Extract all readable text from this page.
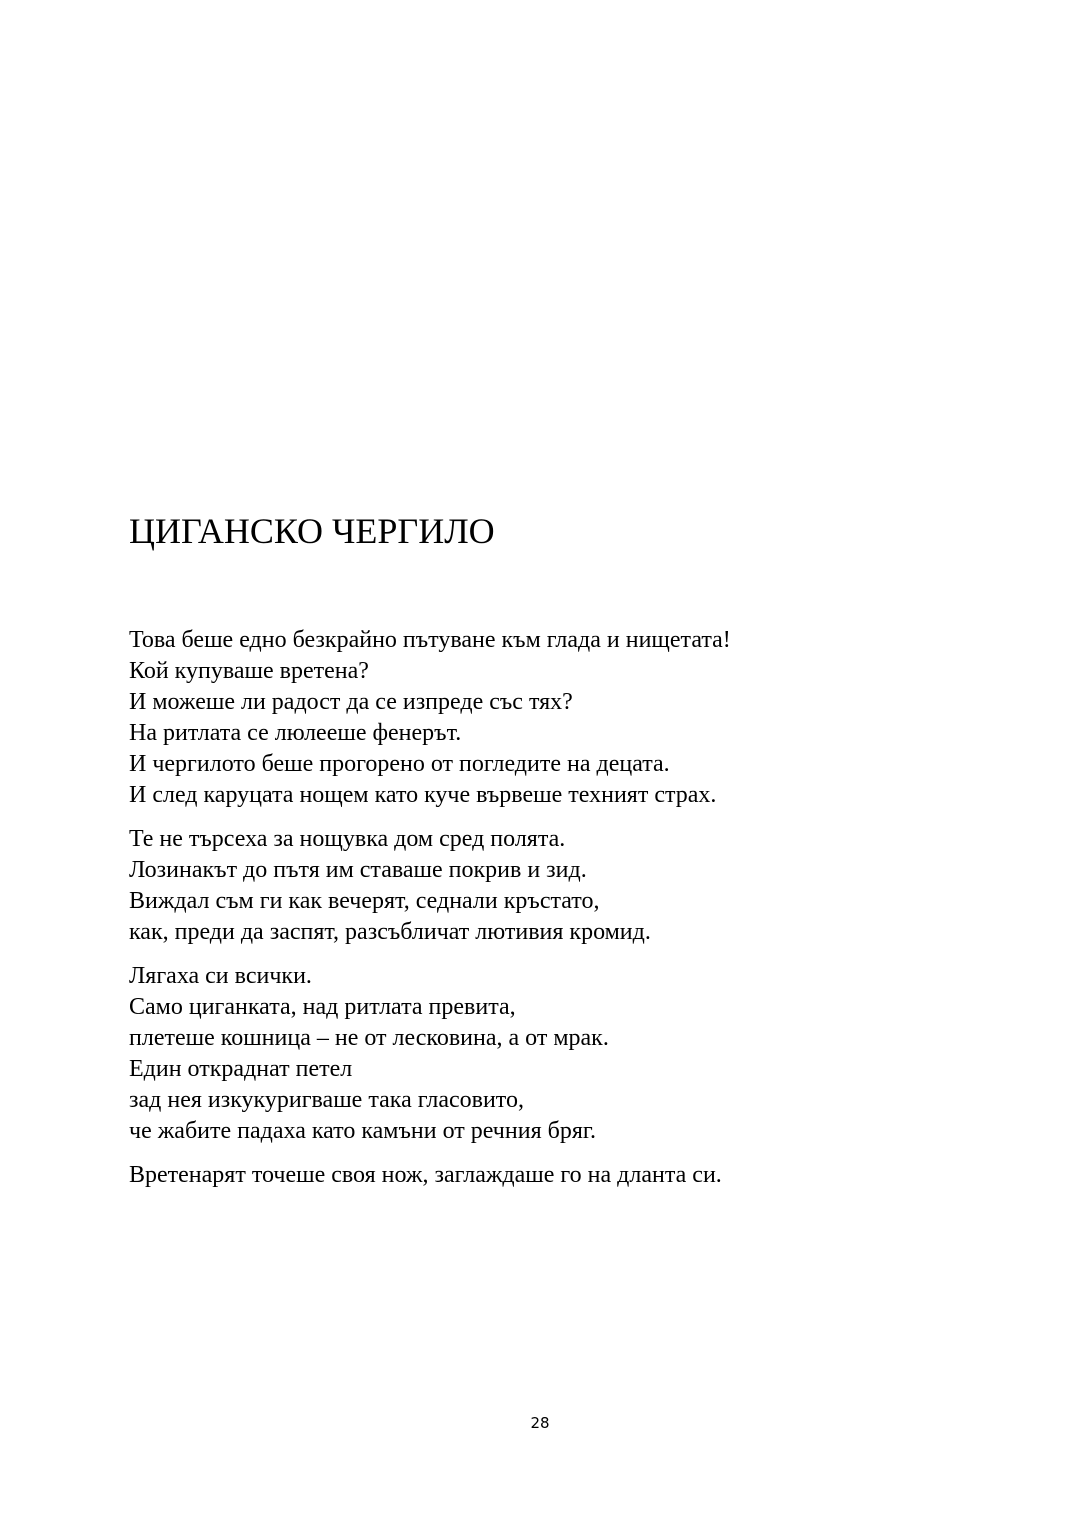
ЦИГАНСКО ЧЕРГИЛО
Това беше едно безкрайно пътуване към глада и нищетата!
Кой купуваше вретена?
И можеше ли радост да се изпреде със тях?
На ритлата се люлееше фенерът.
И чергилото беше прогорено от погледите на децата.
И след каруцата нощем като куче вървеше техният страх.
Те не търсеха за нощувка дом сред полята.
Лозинакът до пътя им ставаше покрив и зид.
Виждал съм ги как вечерят, седнали кръстато,
как, преди да заспят, разсъбличат лютивия кромид.
Лягаха си всички.
Само циганката, над ритлата превита,
плетеше кошница – не от лесковина, а от мрак.
Един откраднат петел
зад нея изкукуригваше така гласовито,
че жабите падаха като камъни от речния бряг.
Вретенарят точеше своя нож, заглаждаше го на дланта си.
28
